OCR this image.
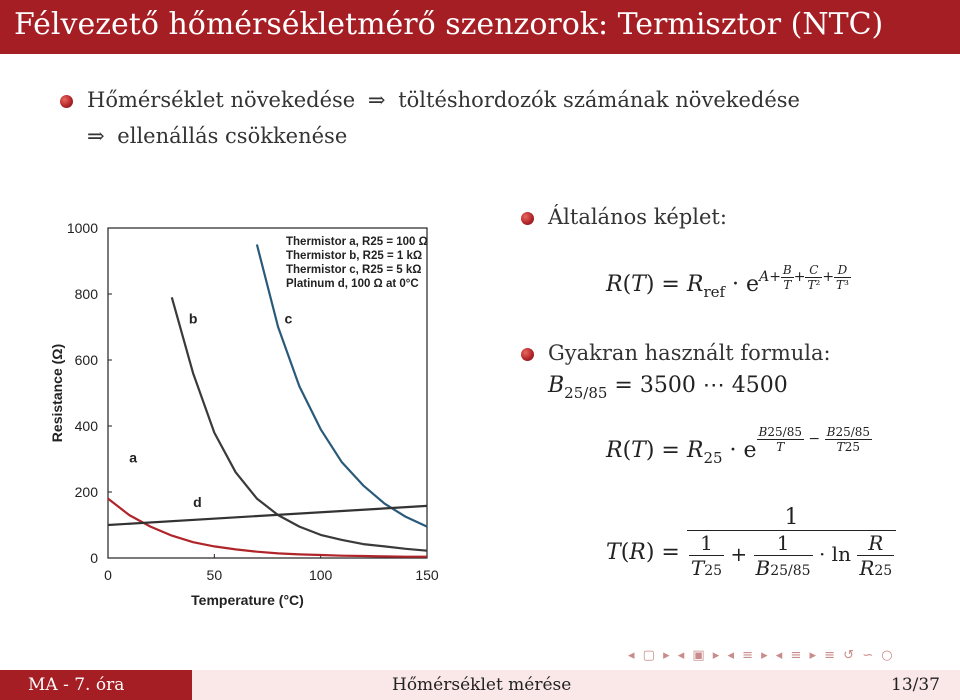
Félvezető hőmérsékletmérő szenzorok: Termisztor (NTC)
Hőmérséklet növekedése ⇒ töltéshordozók számának növekedése
⇒ ellenállás csökkenése
0	50	100	150
0
200
400
600
800
1000
Temperature (°C)
Resistance (Ω)
a
b	c
d
Thermistor a, R25 = 100 Ω
Thermistor b, R25 = 1 kΩ
Thermistor c, R25 = 5 kΩ
Platinum d, 100 Ω at 0°C
Általános képlet:
$R(T) = R_{ref} \cdot e^{A+ \frac{B}{T} + \frac{C}{\text{T²}} + \frac{D}{\text{T³}}}$
Gyakran használt formula:
$B_{25/85} = 3500$ ⋯ 4500
$R(T) = R_{25} \cdot e$ $^{\frac{B25/85}{T} - \frac{B25/85}{T25}}$
$T(R) = \frac{1}{\frac{1}{T25} + \frac{1}{B25/85} \cdot \ln \frac{R}{R25}}$
◂ ▢ ▸ ◂ ▣ ▸ ◂ ≡ ▸ ◂ ≡ ▸ ≡ ↺ ∽ ○
MA - 7. óra	Hőmérséklet mérése	13/37
